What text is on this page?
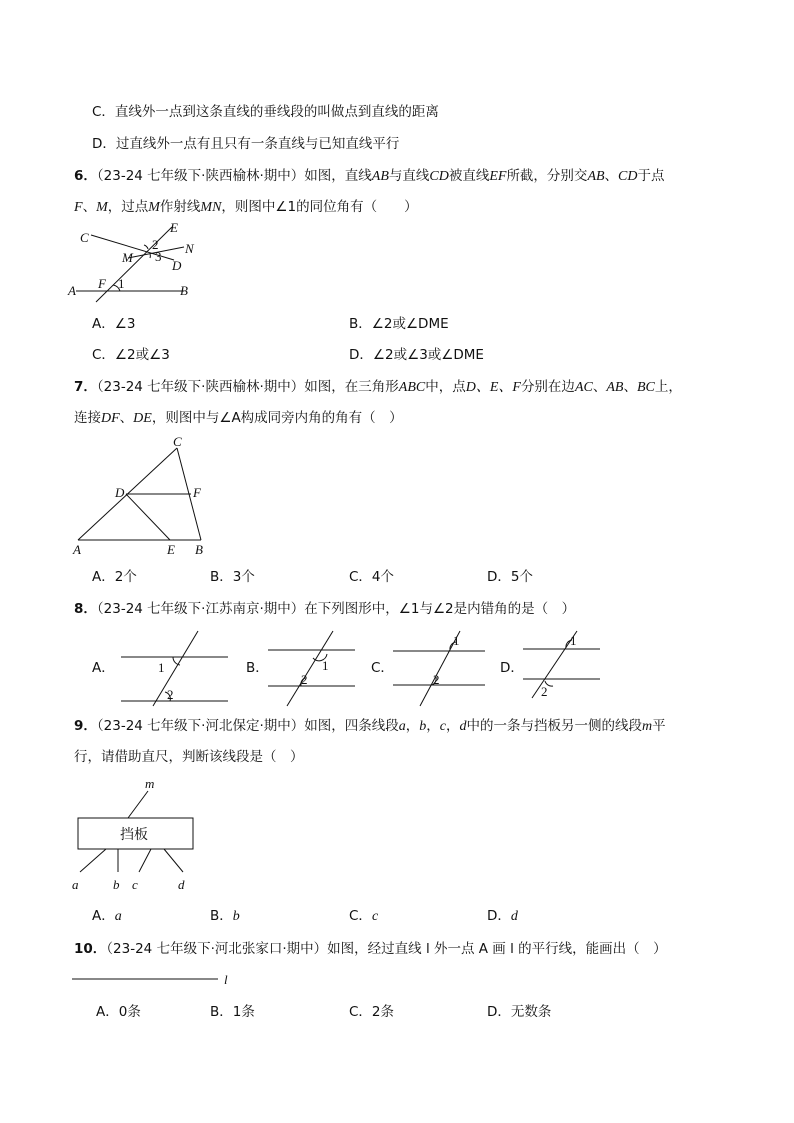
C．直线外一点到这条直线的垂线段的叫做点到直线的距离
D．过直线外一点有且只有一条直线与已知直线平行
6．（23-24 七年级下·陕西榆林·期中）如图，直线AB与直线CD被直线EF所截，分别交AB、CD于点
F、M，过点M作射线MN，则图中∠1的同位角有（　　）
C
E
N
D
M
F
A	B
1
2
3
A．∠3	B．∠2或∠DME
C．∠2或∠3	D．∠2或∠3或∠DME
7．（23-24 七年级下·陕西榆林·期中）如图，在三角形ABC中，点D、E、F分别在边AC、AB、BC上，
连接DF、DE，则图中与∠A构成同旁内角的角有（　）
C
D	F
A	E B
A．2个	B．3个	C．4个	D．5个
8．（23-24 七年级下·江苏南京·期中）在下列图形中，∠1与∠2是内错角的是（　）
A．	1
2
B．	1
2
C．
1
2
D．
1
2
9．（23-24 七年级下·河北保定·期中）如图，四条线段a，b，c，d中的一条与挡板另一侧的线段m平
行，请借助直尺，判断该线段是（　）
挡板
m
a	b c	d
A．a	B．b	C．c	D．d
10．（23-24 七年级下·河北张家口·期中）如图，经过直线 l 外一点 A 画 l 的平行线，能画出（　）
l
A．0条	B．1条	C．2条	D．无数条
